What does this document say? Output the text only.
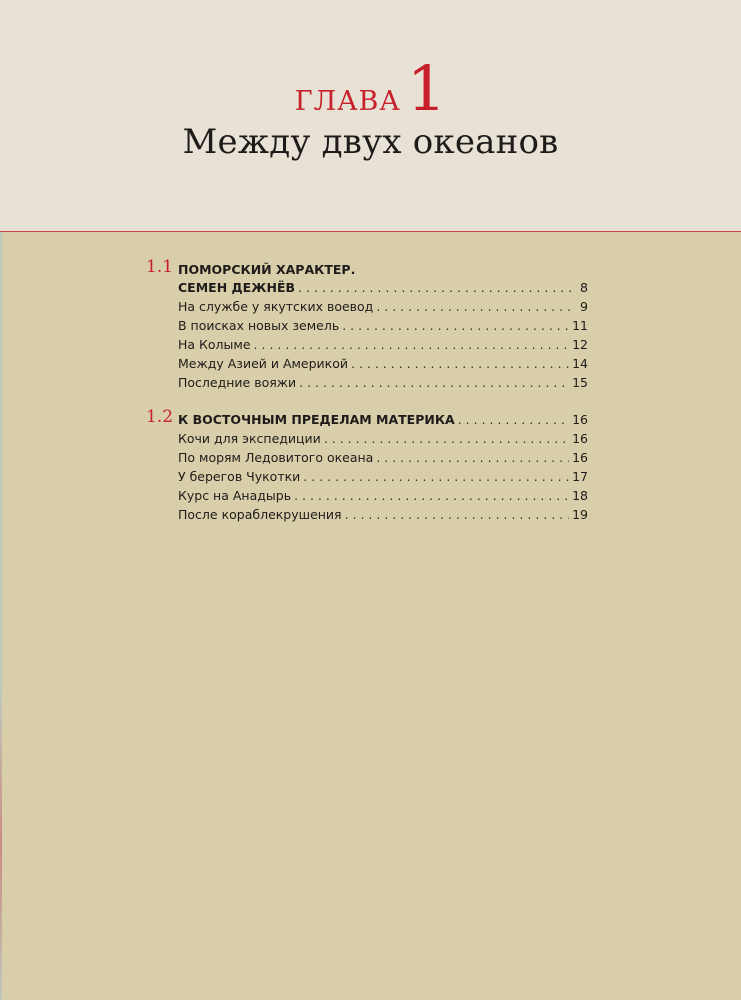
ГЛАВА1
Между двух океанов
1.1 ПОМОРСКИЙ ХАРАКТЕР.
СЕМЕН ДЕЖНЁВ . . .	8
На службе у якутских воевод . . .	9
В поисках новых земель . . .	11
На Колыме . . .	12
Между Азией и Америкой . . .	14
Последние вояжи . . .	15
1.2 К ВОСТОЧНЫМ ПРЕДЕЛАМ МАТЕРИКА . . .	16
Кочи для экспедиции . . .	16
По морям Ледовитого океана . . .	16
У берегов Чукотки . . .	17
Курс на Анадырь . . .	18
После кораблекрушения . . .	19
